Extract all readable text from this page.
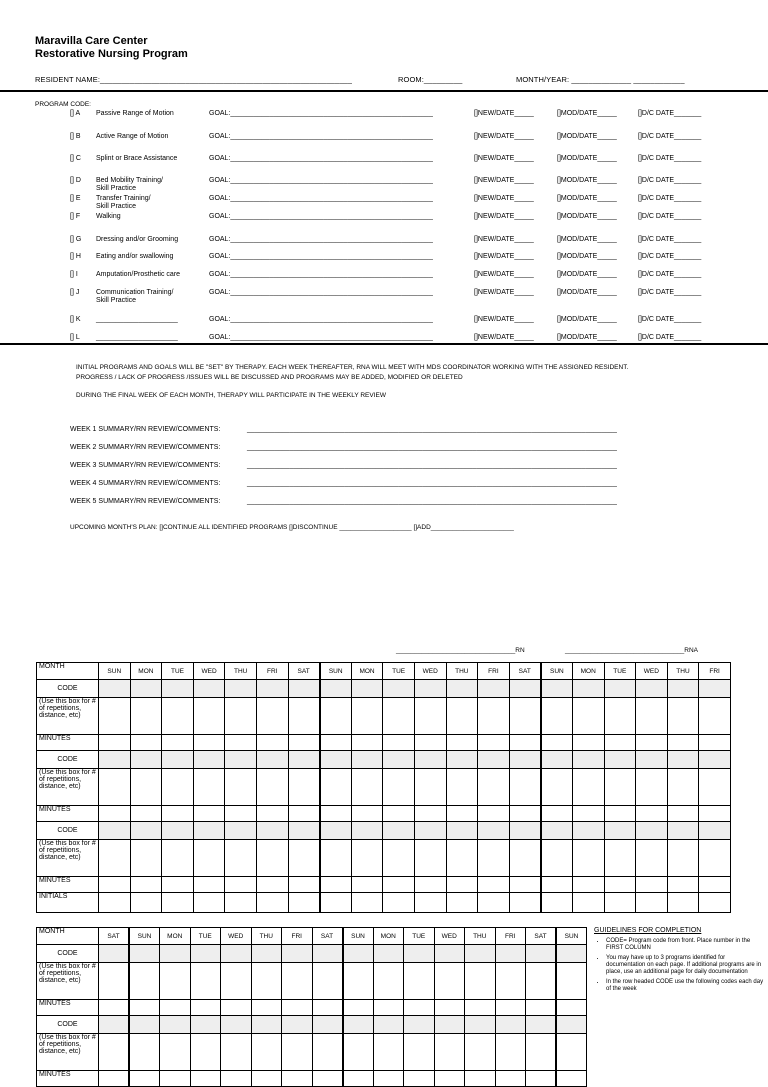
Maravilla Care Center
Restorative Nursing Program
RESIDENT NAME:___________________________________________________________	ROOM:_________	MONTH/YEAR: ______________ ____________
PROGRAM CODE:
[] A Passive Range of Motion	GOAL:____________________________________________________	[]NEW/DATE_____	[]MOD/DATE_____	[]D/C DATE_______
[] B Active Range of Motion	GOAL:____________________________________________________	[]NEW/DATE_____	[]MOD/DATE_____	[]D/C DATE_______
[] C Splint or Brace Assistance	GOAL:____________________________________________________	[]NEW/DATE_____	[]MOD/DATE_____	[]D/C DATE_______
[] D Bed Mobility Training/
Skill Practice
GOAL:____________________________________________________	[]NEW/DATE_____	[]MOD/DATE_____	[]D/C DATE_______
[] E Transfer Training/
Skill Practice
GOAL:____________________________________________________	[]NEW/DATE_____	[]MOD/DATE_____	[]D/C DATE_______
[] F Walking	GOAL:____________________________________________________	[]NEW/DATE_____	[]MOD/DATE_____	[]D/C DATE_______
[] G Dressing and/or Grooming	GOAL:____________________________________________________	[]NEW/DATE_____	[]MOD/DATE_____	[]D/C DATE_______
[] H Eating and/or swallowing	GOAL:____________________________________________________	[]NEW/DATE_____	[]MOD/DATE_____	[]D/C DATE_______
[] I	Amputation/Prosthetic care	GOAL:____________________________________________________	[]NEW/DATE_____	[]MOD/DATE_____	[]D/C DATE_______
[] J Communication Training/
Skill Practice
GOAL:____________________________________________________	[]NEW/DATE_____	[]MOD/DATE_____	[]D/C DATE_______
[] K _____________________	GOAL:____________________________________________________	[]NEW/DATE_____	[]MOD/DATE_____	[]D/C DATE_______
[] L _____________________	GOAL:____________________________________________________	[]NEW/DATE_____	[]MOD/DATE_____	[]D/C DATE_______
INITIAL PROGRAMS AND GOALS WILL BE "SET" BY THERAPY. EACH WEEK THEREAFTER, RNA WILL MEET WITH MDS COORDINATOR WORKING WITH THE ASSIGNED RESIDENT.
PROGRESS / LACK OF PROGRESS /ISSUES WILL BE DISCUSSED AND PROGRAMS MAY BE ADDED, MODIFIED OR DELETED
DURING THE FINAL WEEK OF EACH MONTH, THERAPY WILL PARTICIPATE IN THE WEEKLY REVIEW
WEEK 1 SUMMARY/RN REVIEW/COMMENTS:	_______________________________________________________________________________________________
WEEK 2 SUMMARY/RN REVIEW/COMMENTS:	_______________________________________________________________________________________________
WEEK 3 SUMMARY/RN REVIEW/COMMENTS:	_______________________________________________________________________________________________
WEEK 4 SUMMARY/RN REVIEW/COMMENTS:	_______________________________________________________________________________________________
WEEK 5 SUMMARY/RN REVIEW/COMMENTS:	_______________________________________________________________________________________________
UPCOMING MONTH'S PLAN: []CONTINUE ALL IDENTIFIED PROGRAMS []DISCONTINUE ____________________ []ADD_______________________
_________________________________RN	_________________________________RNA
MONTH	SUN	MON	TUE	WED	THU	FRI	SAT	SUN	MON	TUE	WED	THU	FRI	SAT	SUN	MON	TUE	WED	THU	FRI
CODE																				
(Use this box for # of repetitions, distance, etc)																				
MINUTES																				
CODE																				
(Use this box for # of repetitions, distance, etc)																				
MINUTES																				
CODE																				
(Use this box for # of repetitions, distance, etc)																				
MINUTES																				
INITIALS																				
MONTH	SAT	SUN	MON	TUE	WED	THU	FRI	SAT	SUN	MON	TUE	WED	THU	FRI	SAT	SUN
CODE																
(Use this box for # of repetitions, distance, etc)																
MINUTES																
CODE																
(Use this box for # of repetitions, distance, etc)																
MINUTES																
GUIDELINES FOR COMPLETION
• CODE= Program code from front. Place number in the FIRST COLUMN
• You may have up to 3 programs identified for documentation on each page. If additional programs are in place, use an additional page for daily documentation
• In the row headed CODE use the following codes each day of the week
